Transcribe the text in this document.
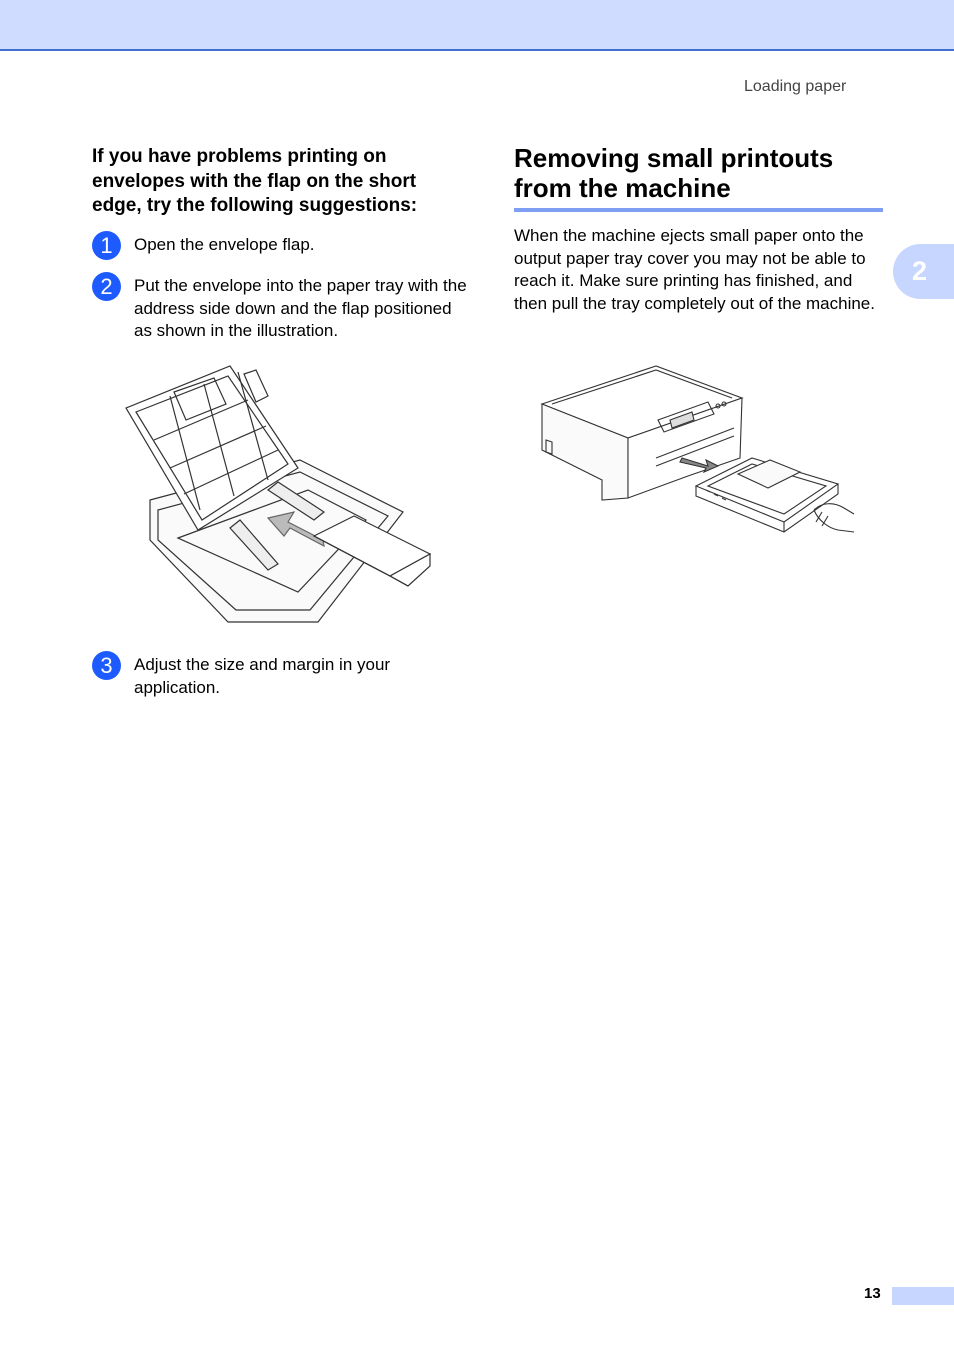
Loading paper
2
If you have problems printing on envelopes with the flap on the short edge, try the following suggestions:
1	Open the envelope flap.
2	Put the envelope into the paper tray with the address side down and the flap positioned as shown in the illustration.
3	Adjust the size and margin in your application.
Removing small printouts from the machine
When the machine ejects small paper onto the output paper tray cover you may not be able to reach it. Make sure printing has finished, and then pull the tray completely out of the machine.
13
